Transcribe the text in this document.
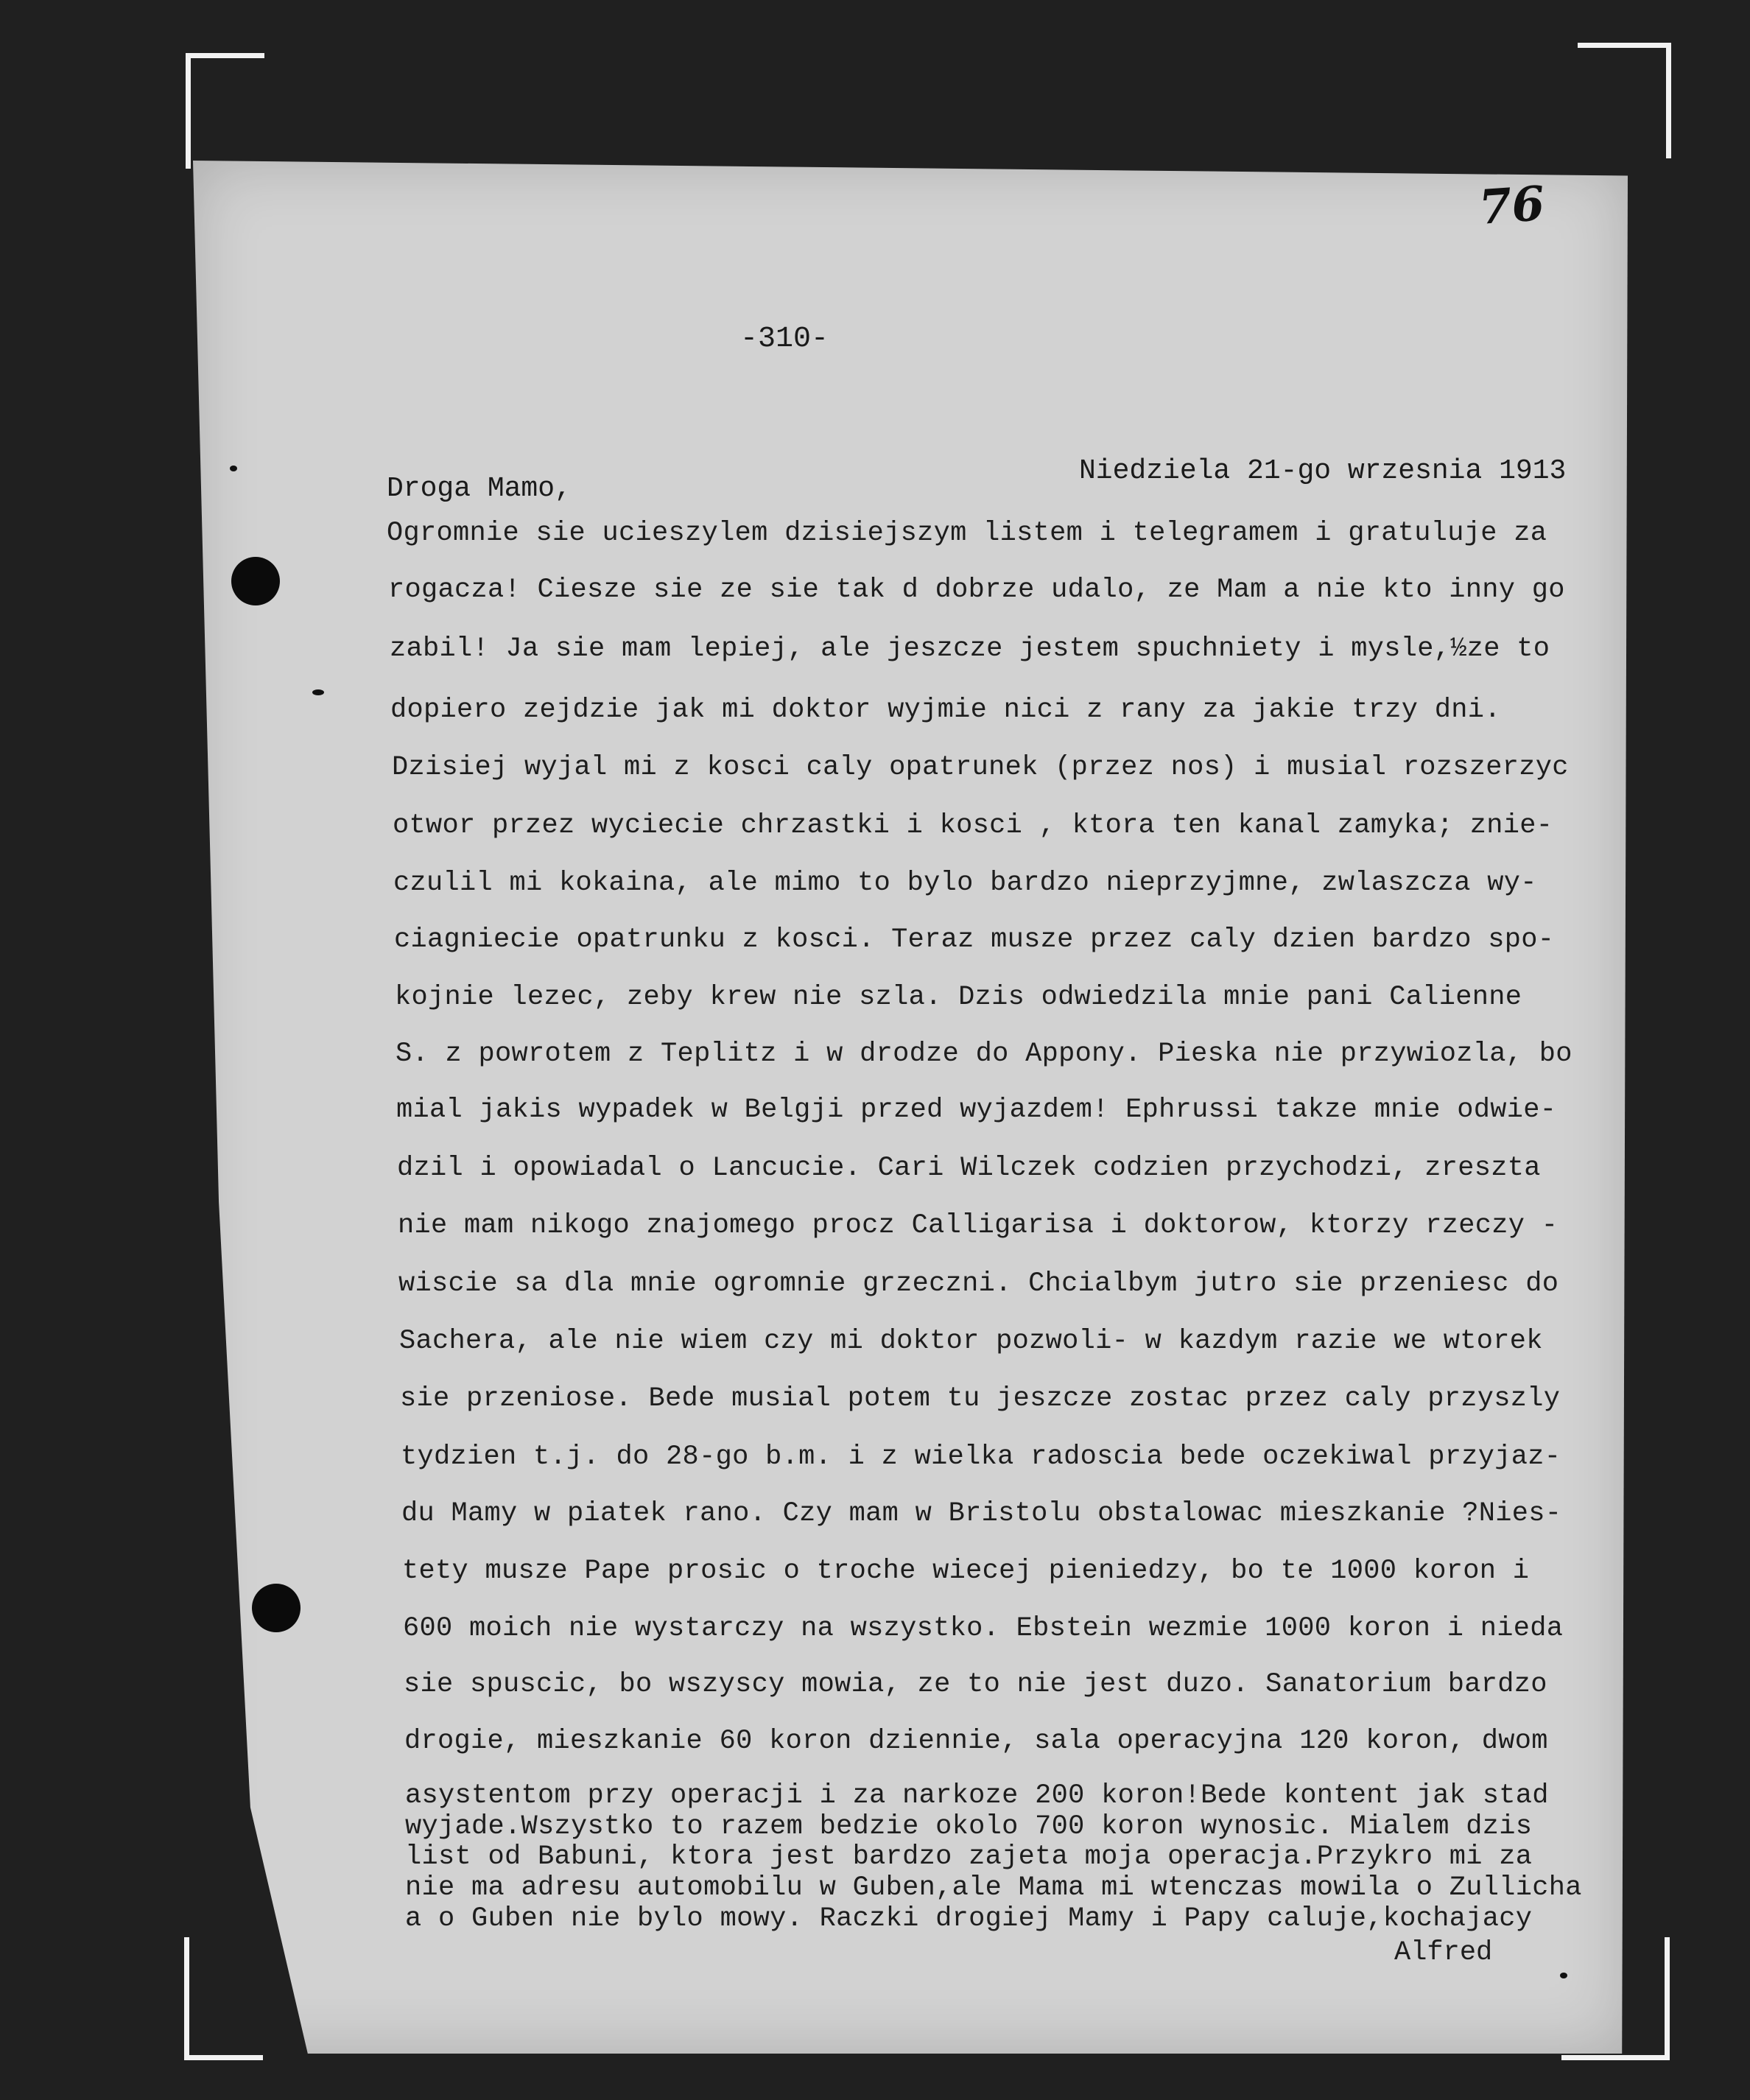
76
-310-
Niedziela 21-go wrzesnia 1913
Droga Mamo,
Ogromnie sie ucieszylem dzisiejszym listem i telegramem i gratuluje za
rogacza! Ciesze sie ze sie tak d dobrze udalo, ze Mam a nie kto inny go
zabil! Ja sie mam lepiej, ale jeszcze jestem spuchniety i mysle,½ze to
dopiero zejdzie jak mi doktor wyjmie nici z rany za jakie trzy dni.
Dzisiej wyjal mi z kosci caly opatrunek (przez nos) i musial rozszerzyc
otwor przez wyciecie chrzastki i kosci , ktora ten kanal zamyka; znie-
czulil mi kokaina, ale mimo to bylo bardzo nieprzyjmne, zwlaszcza wy-
ciagniecie opatrunku z kosci. Teraz musze przez caly dzien bardzo spo-
kojnie lezec, zeby krew nie szla. Dzis odwiedzila mnie pani Calienne
S. z powrotem z Teplitz i w drodze do Appony. Pieska nie przywiozla, bo
mial jakis wypadek w Belgji przed wyjazdem! Ephrussi takze mnie odwie-
dzil i opowiadal o Lancucie. Cari Wilczek codzien przychodzi, zreszta
nie mam nikogo znajomego procz Calligarisa i doktorow, ktorzy rzeczy -
wiscie sa dla mnie ogromnie grzeczni. Chcialbym jutro sie przeniesc do
Sachera, ale nie wiem czy mi doktor pozwoli- w kazdym razie we wtorek
sie przeniose. Bede musial potem tu jeszcze zostac przez caly przyszly
tydzien t.j. do 28-go b.m. i z wielka radoscia bede oczekiwal przyjaz-
du Mamy w piatek rano. Czy mam w Bristolu obstalowac mieszkanie ?Nies-
tety musze Pape prosic o troche wiecej pieniedzy, bo te 1000 koron i
600 moich nie wystarczy na wszystko. Ebstein wezmie 1000 koron i nieda
sie spuscic, bo wszyscy mowia, ze to nie jest duzo. Sanatorium bardzo
drogie, mieszkanie 60 koron dziennie, sala operacyjna 120 koron, dwom
asystentom przy operacji i za narkoze 200 koron!Bede kontent jak stad
wyjade.Wszystko to razem bedzie okolo 700 koron wynosic. Mialem dzis
list od Babuni, ktora jest bardzo zajeta moja operacja.Przykro mi za
nie ma adresu automobilu w Guben,ale Mama mi wtenczas mowila o Zullicha
a o Guben nie bylo mowy. Raczki drogiej Mamy i Papy caluje,kochajacy
Alfred
